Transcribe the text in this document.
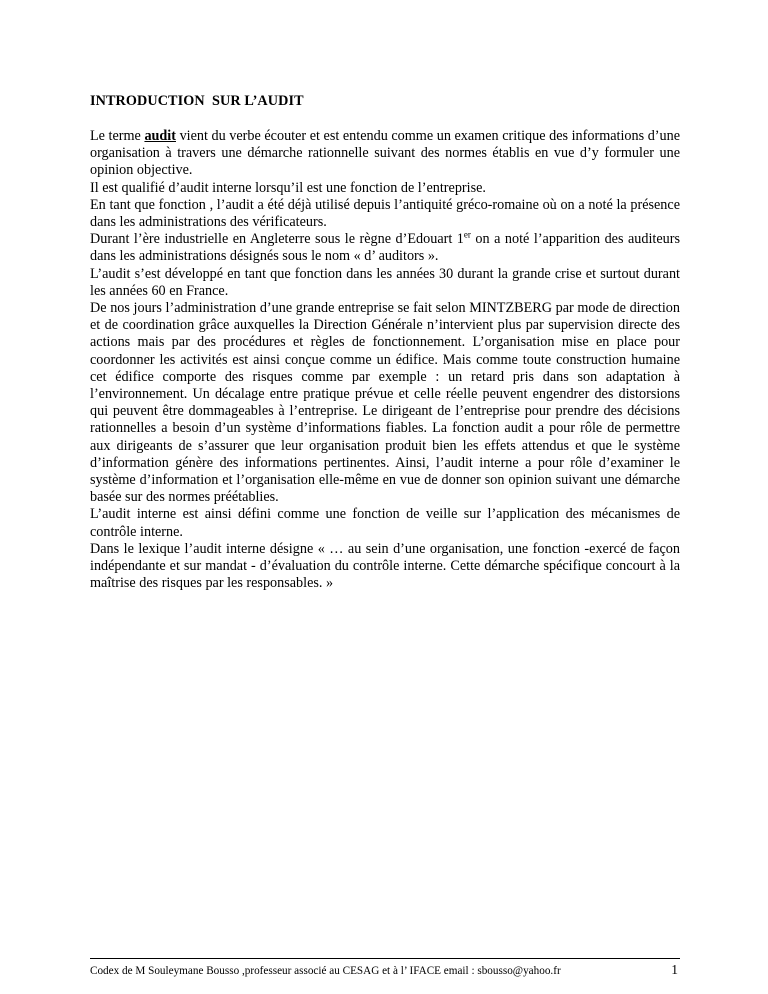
INTRODUCTION  SUR L’AUDIT

Le terme audit vient du verbe écouter et est entendu comme un examen critique des informations d’une organisation à travers une démarche rationnelle suivant des normes établis en vue d’y formuler une opinion objective.

Il est qualifié d’audit interne lorsqu’il est une fonction de l’entreprise.

En tant que fonction , l’audit a été déjà utilisé depuis l’antiquité gréco-romaine où on a noté la présence dans les administrations des vérificateurs.

Durant l’ère industrielle en Angleterre sous le règne d’Edouart 1er on a noté l’apparition des auditeurs dans les administrations désignés sous le nom « d’ auditors ».

L’audit s’est développé en tant que fonction dans les années 30 durant la grande crise et surtout durant les années 60 en France.

De nos jours l’administration d’une grande entreprise se fait selon MINTZBERG par mode de direction et de coordination grâce auxquelles la Direction Générale n’intervient plus par supervision directe des actions mais par des procédures et règles de fonctionnement. L’organisation mise en place pour coordonner les activités est ainsi conçue comme un édifice. Mais comme toute construction humaine cet édifice comporte des risques comme par exemple : un retard pris dans son adaptation à l’environnement. Un décalage entre pratique prévue et celle réelle peuvent engendrer des distorsions qui peuvent être dommageables à l’entreprise. Le dirigeant de l’entreprise pour prendre des décisions rationnelles a besoin d’un système d’informations fiables. La fonction audit a pour rôle de permettre aux dirigeants de s’assurer que leur organisation produit bien les effets attendus et que le système d’information génère des informations pertinentes. Ainsi, l’audit interne a pour rôle d’examiner le système d’information et l’organisation elle-même en vue de donner son opinion suivant une démarche basée sur des normes préétablies.

L’audit interne est ainsi défini comme une fonction de veille sur l’application des mécanismes de contrôle interne.

Dans le lexique l’audit interne désigne « … au sein d’une organisation, une fonction -exercé de façon indépendante et sur mandat - d’évaluation du contrôle interne. Cette démarche spécifique concourt à la maîtrise des risques par les responsables. »

Codex de M Souleymane Bousso ,professeur associé au CESAG et à l’ IFACE email : sbousso@yahoo.fr	1
